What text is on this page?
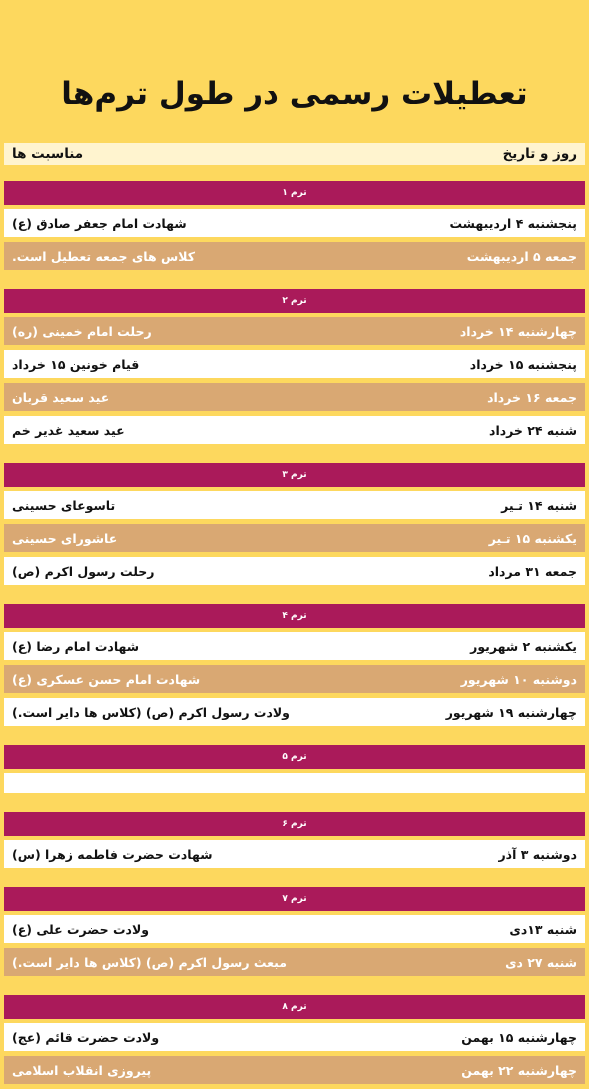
تعطیلات رسمی در طول ترم‌ها
روز و تاریخ
مناسبت ها
ترم ۱
پنجشنبه ۴ اردیبهشت
شهادت امام جعفر صادق (ع)
جمعه ۵ اردیبهشت
کلاس های جمعه تعطیل است.
ترم ۲
چهارشنبه ۱۴ خرداد
رحلت امام خمینی (ره)
پنجشنبه ۱۵ خرداد
قیام خونین ۱۵ خرداد
جمعه ۱۶ خرداد
عید سعید قربان
شنبه ۲۴ خرداد
عید سعید غدیر خم
ترم ۳
شنبه ۱۴ تـیر
تاسوعای حسینی
یکشنبه ۱۵ تـیر
عاشورای حسینی
جمعه ۳۱ مرداد
رحلت رسول اکرم (ص)
ترم ۴
یکشنبه ۲ شهریور
شهادت امام رضا (ع)
دوشنبه ۱۰ شهریور
شهادت امام حسن عسکری (ع)
چهارشنبه ۱۹ شهریور
ولادت رسول اکرم (ص) (کلاس ها دایر است.)
ترم ۵
ترم ۶
دوشنبه ۳ آذر
شهادت حضرت فاطمه زهرا (س)
ترم ۷
شنبه ۱۳دی
ولادت حضرت علی (ع)
شنبه ۲۷ دی
مبعث رسول اکرم (ص) (کلاس ها دایر است.)
ترم ۸
چهارشنبه ۱۵ بهمن
ولادت حضرت قائم (عج)
چهارشنبه ۲۲ بهمن
پیروزی انقلاب اسلامی
